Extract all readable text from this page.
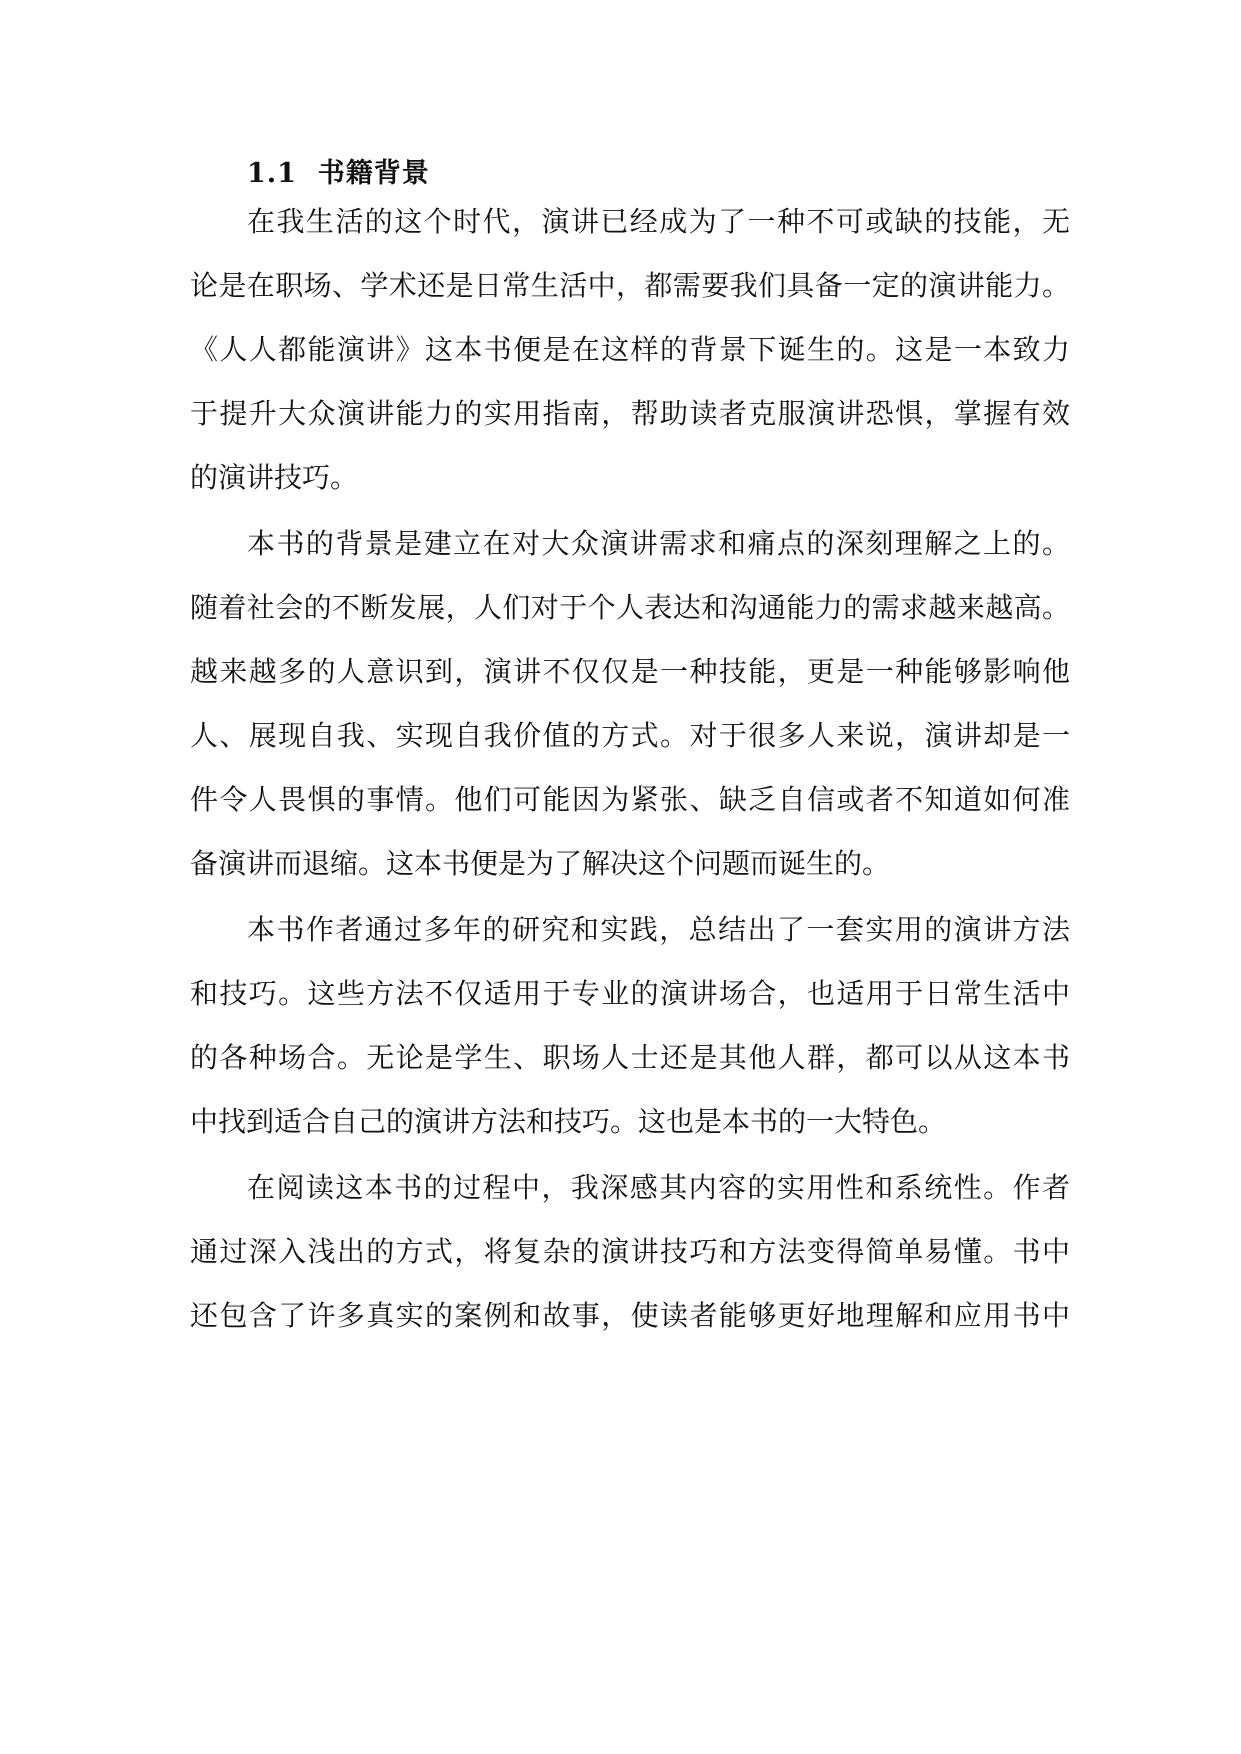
1.1 书籍背景
在我生活的这个时代，演讲已经成为了一种不可或缺的技能，无
论是在职场、学术还是日常生活中，都需要我们具备一定的演讲能力。
《人人都能演讲》这本书便是在这样的背景下诞生的。这是一本致力
于提升大众演讲能力的实用指南，帮助读者克服演讲恐惧，掌握有效
的演讲技巧。
本书的背景是建立在对大众演讲需求和痛点的深刻理解之上的。
随着社会的不断发展，人们对于个人表达和沟通能力的需求越来越高。
越来越多的人意识到，演讲不仅仅是一种技能，更是一种能够影响他
人、展现自我、实现自我价值的方式。对于很多人来说，演讲却是一
件令人畏惧的事情。他们可能因为紧张、缺乏自信或者不知道如何准
备演讲而退缩。这本书便是为了解决这个问题而诞生的。
本书作者通过多年的研究和实践，总结出了一套实用的演讲方法
和技巧。这些方法不仅适用于专业的演讲场合，也适用于日常生活中
的各种场合。无论是学生、职场人士还是其他人群，都可以从这本书
中找到适合自己的演讲方法和技巧。这也是本书的一大特色。
在阅读这本书的过程中，我深感其内容的实用性和系统性。作者
通过深入浅出的方式，将复杂的演讲技巧和方法变得简单易懂。书中
还包含了许多真实的案例和故事，使读者能够更好地理解和应用书中
